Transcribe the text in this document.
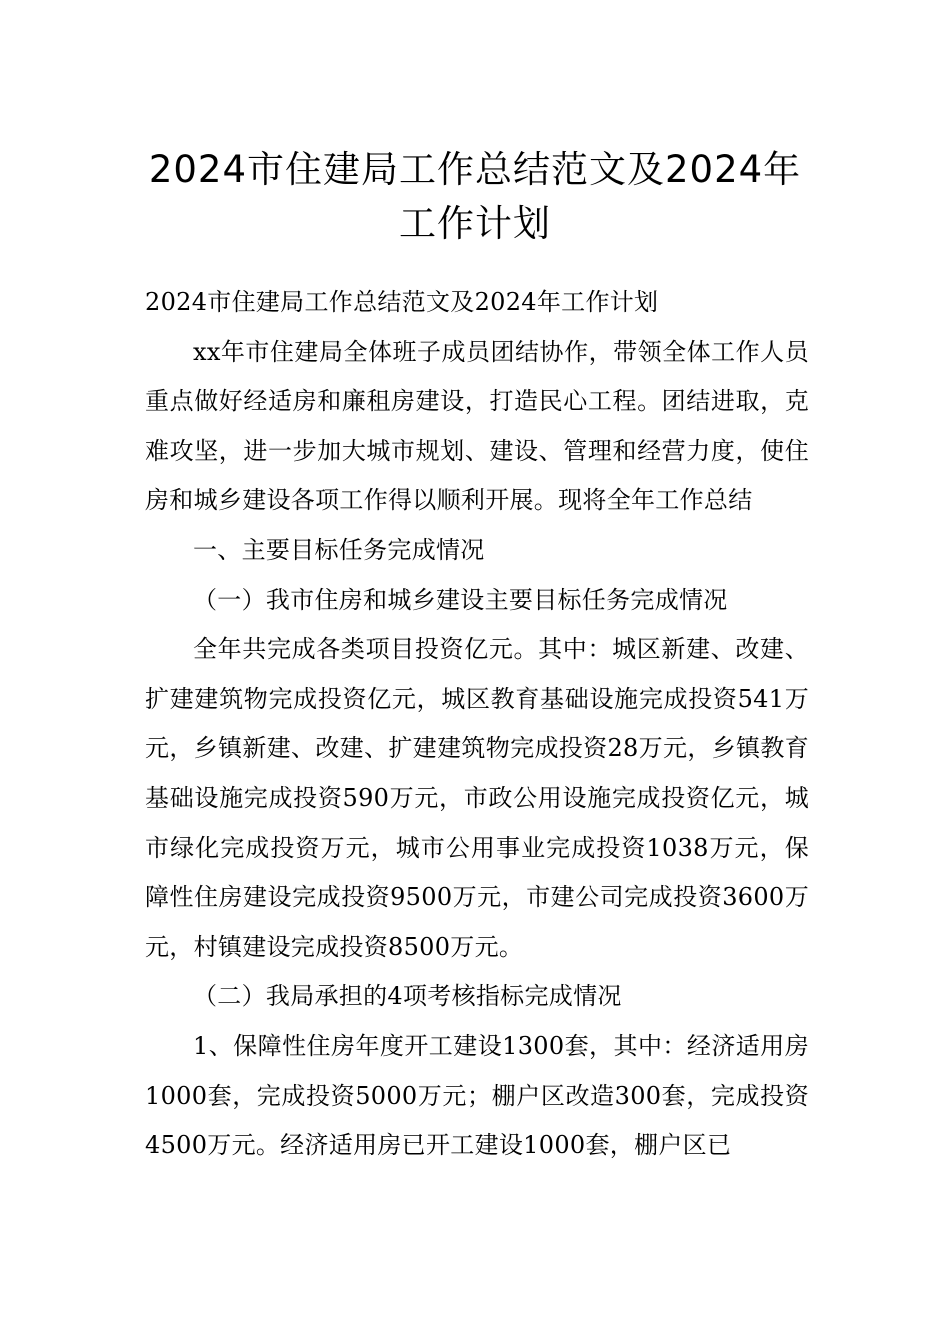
2024市住建局工作总结范文及2024年
工作计划

2024市住建局工作总结范文及2024年工作计划

xx年市住建局全体班子成员团结协作，带领全体工作人员重点做好经适房和廉租房建设，打造民心工程。团结进取，克难攻坚，进一步加大城市规划、建设、管理和经营力度，使住房和城乡建设各项工作得以顺利开展。现将全年工作总结

一、主要目标任务完成情况

（一）我市住房和城乡建设主要目标任务完成情况

全年共完成各类项目投资亿元。其中：城区新建、改建、扩建建筑物完成投资亿元，城区教育基础设施完成投资541万元，乡镇新建、改建、扩建建筑物完成投资28万元，乡镇教育基础设施完成投资590万元，市政公用设施完成投资亿元，城市绿化完成投资万元，城市公用事业完成投资1038万元，保障性住房建设完成投资9500万元，市建公司完成投资3600万元，村镇建设完成投资8500万元。

（二）我局承担的4项考核指标完成情况

1、保障性住房年度开工建设1300套，其中：经济适用房1000套，完成投资5000万元；棚户区改造300套，完成投资4500万元。经济适用房已开工建设1000套，棚户区已
